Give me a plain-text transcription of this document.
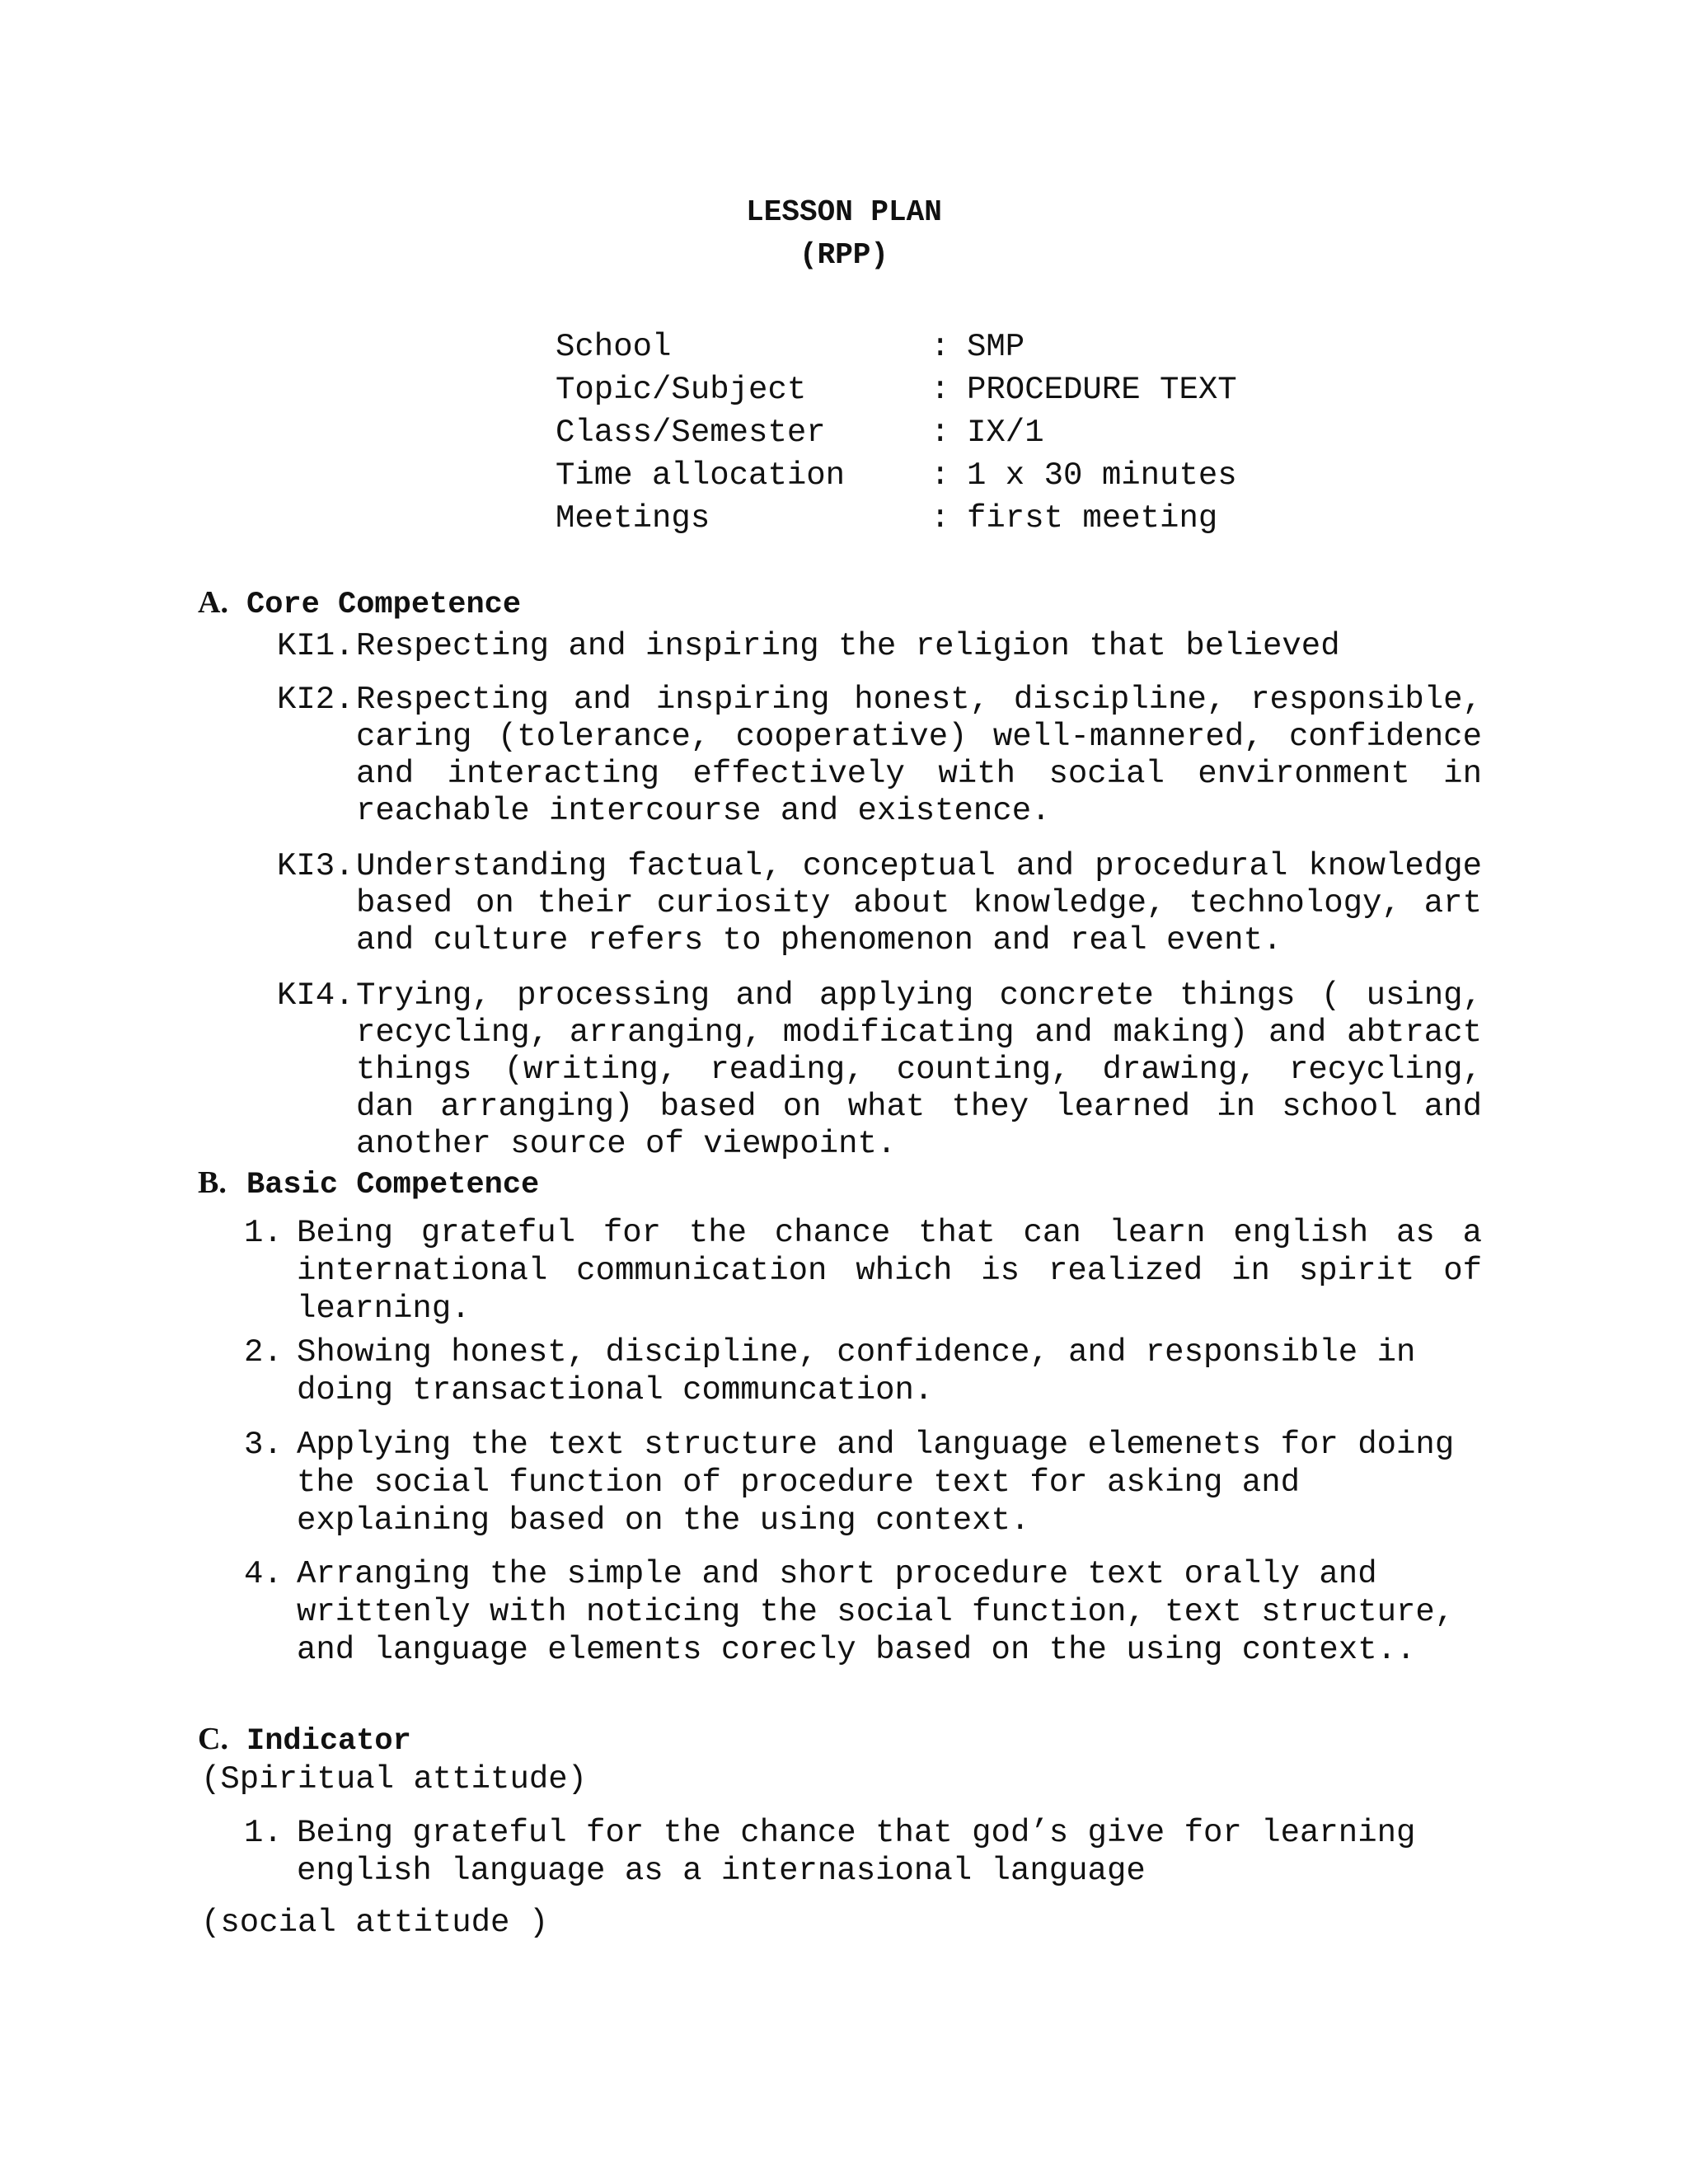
LESSON PLAN
(RPP)
School	: SMP
Topic/Subject	: PROCEDURE TEXT
Class/Semester	: IX/1
Time allocation	: 1 x 30 minutes
Meetings	: first meeting
A. Core Competence
KI1. Respecting and inspiring the religion that believed
KI2. Respecting and inspiring honest, discipline, responsible, caring (tolerance, cooperative) well-mannered, confidence and interacting effectively with social environment in reachable intercourse and existence.
KI3. Understanding factual, conceptual and procedural knowledge based on their curiosity about knowledge, technology, art and culture refers to phenomenon and real event.
KI4. Trying, processing and applying concrete things ( using, recycling, arranging, modificating and making) and abtract things (writing, reading, counting, drawing, recycling, dan arranging) based on what they learned in school and another source of viewpoint.
B. Basic Competence
1. Being grateful for the chance that can learn english as a international communication which is realized in spirit of learning.
2. Showing honest, discipline, confidence, and responsible in doing transactional communcation.
3. Applying the text structure and language elemenets for doing the social function of procedure text for asking and explaining based on the using context.
4. Arranging the simple and short procedure text orally and writtenly with noticing the social function, text structure, and language elements corecly based on the using context..
C. Indicator
(Spiritual attitude)
1. Being grateful for the chance that god’s give for learning english language as a internasional language
(social attitude )
